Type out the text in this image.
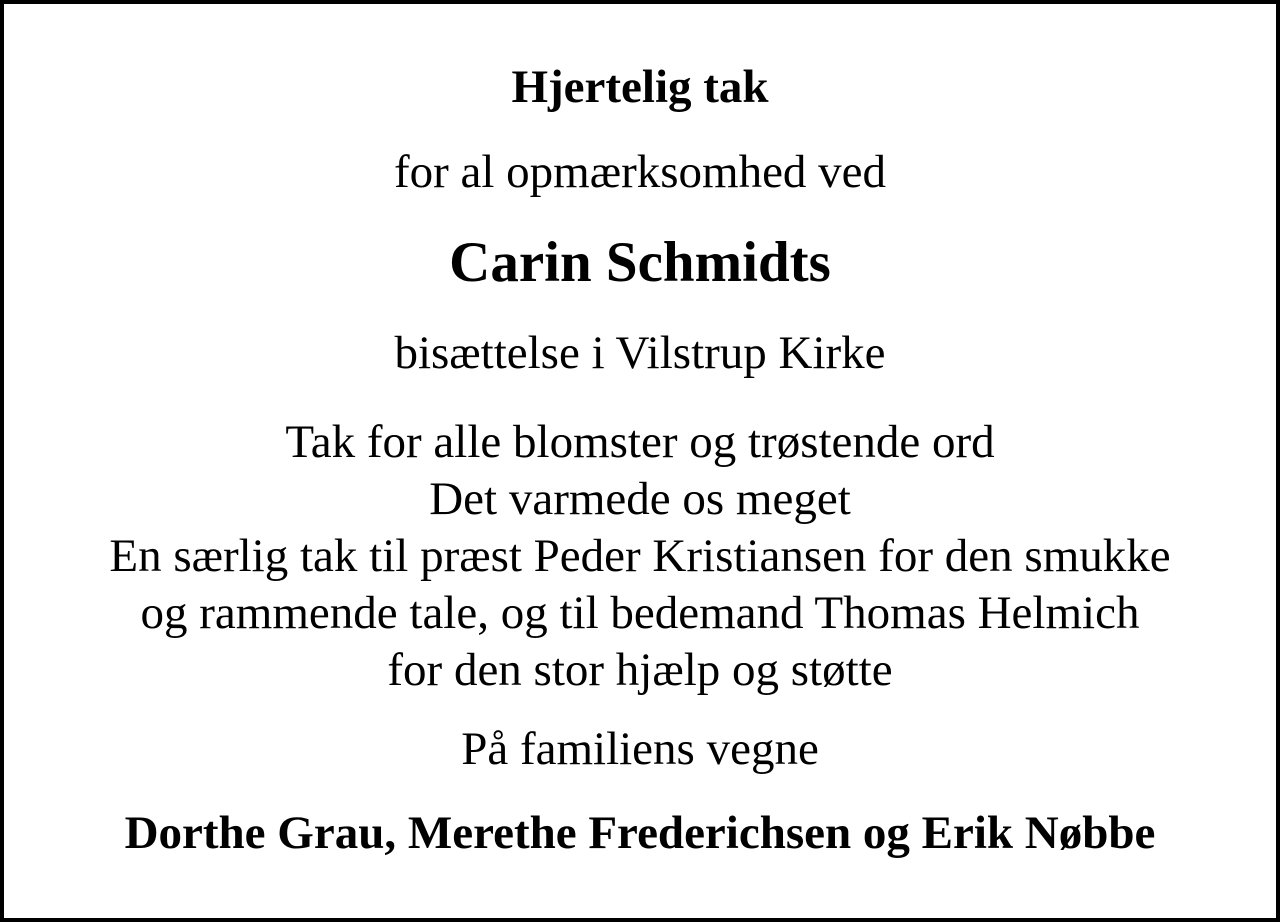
Hjertelig tak

for al opmærksomhed ved

Carin Schmidts

bisættelse i Vilstrup Kirke

Tak for alle blomster og trøstende ord
Det varmede os meget
En særlig tak til præst Peder Kristiansen for den smukke
og rammende tale, og til bedemand Thomas Helmich
for den stor hjælp og støtte

På familiens vegne

Dorthe Grau, Merethe Frederichsen og Erik Nøbbe
